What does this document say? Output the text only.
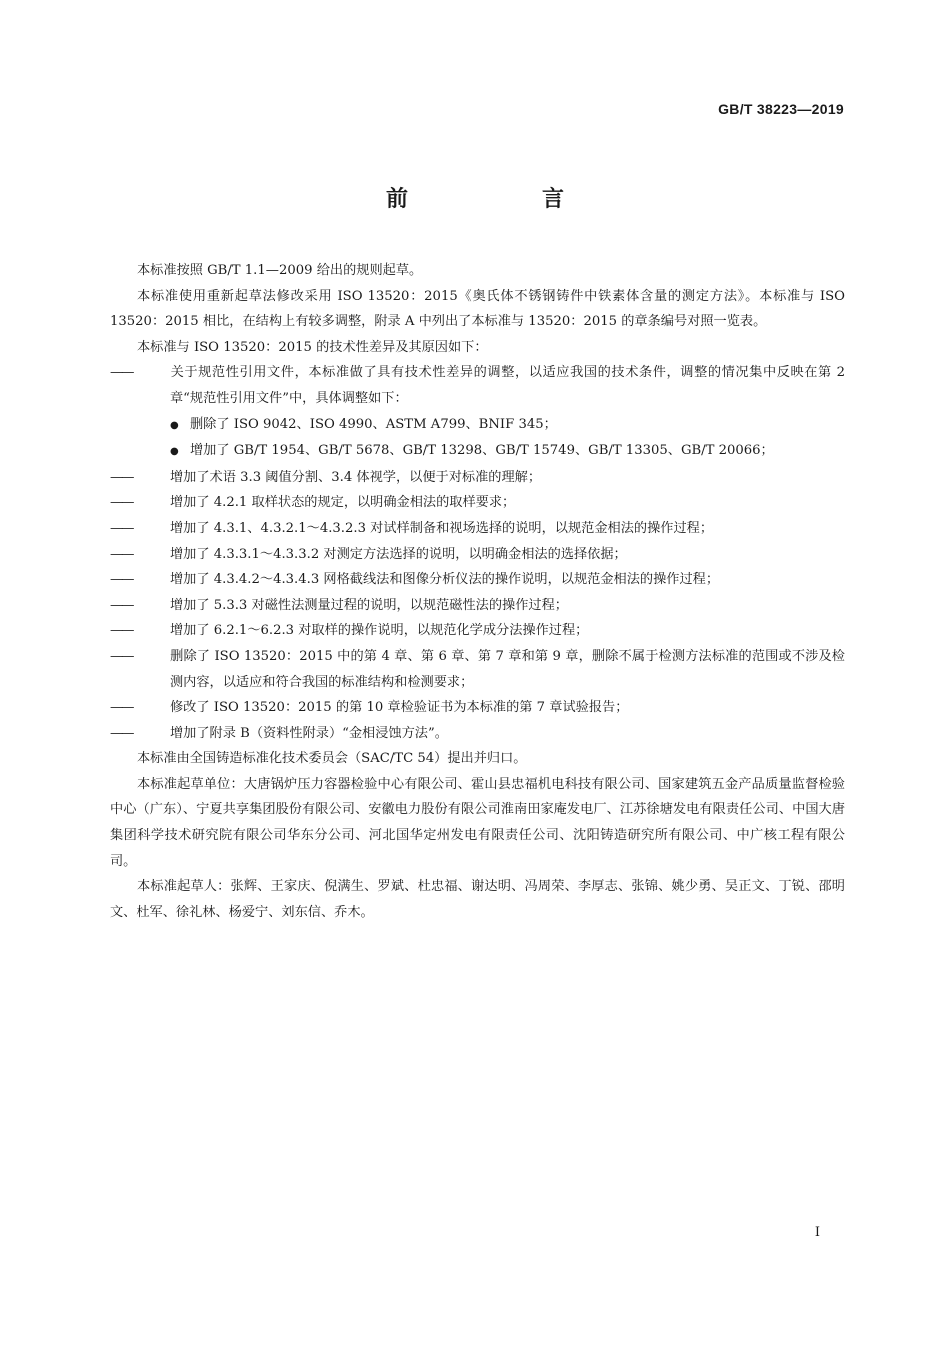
GB/T 38223—2019
前　言

本标准按照 GB/T 1.1—2009 给出的规则起草。

本标准使用重新起草法修改采用 ISO 13520：2015《奥氏体不锈钢铸件中铁素体含量的测定方法》。本标准与 ISO 13520：2015 相比，在结构上有较多调整，附录 A 中列出了本标准与 13520：2015 的章条编号对照一览表。

本标准与 ISO 13520：2015 的技术性差异及其原因如下：

——	关于规范性引用文件，本标准做了具有技术性差异的调整，以适应我国的技术条件，调整的情况集中反映在第 2 章“规范性引用文件”中，具体调整如下：

● 删除了 ISO 9042、ISO 4990、ASTM A799、BNIF 345；

● 增加了 GB/T 1954、GB/T 5678、GB/T 13298、GB/T 15749、GB/T 13305、GB/T 20066；

——	增加了术语 3.3 阈值分割、3.4 体视学，以便于对标准的理解；

——	增加了 4.2.1 取样状态的规定，以明确金相法的取样要求；

——	增加了 4.3.1、4.3.2.1～4.3.2.3 对试样制备和视场选择的说明，以规范金相法的操作过程；

——	增加了 4.3.3.1～4.3.3.2 对测定方法选择的说明，以明确金相法的选择依据；

——	增加了 4.3.4.2～4.3.4.3 网格截线法和图像分析仪法的操作说明，以规范金相法的操作过程；

——	增加了 5.3.3 对磁性法测量过程的说明，以规范磁性法的操作过程；

——	增加了 6.2.1～6.2.3 对取样的操作说明，以规范化学成分法操作过程；

——	删除了 ISO 13520：2015 中的第 4 章、第 6 章、第 7 章和第 9 章，删除不属于检测方法标准的范围或不涉及检测内容，以适应和符合我国的标准结构和检测要求；

——	修改了 ISO 13520：2015 的第 10 章检验证书为本标准的第 7 章试验报告；

——	增加了附录 B（资料性附录）“金相浸蚀方法”。

本标准由全国铸造标准化技术委员会（SAC/TC 54）提出并归口。

本标准起草单位：大唐锅炉压力容器检验中心有限公司、霍山县忠福机电科技有限公司、国家建筑五金产品质量监督检验中心（广东）、宁夏共享集团股份有限公司、安徽电力股份有限公司淮南田家庵发电厂、江苏徐塘发电有限责任公司、中国大唐集团科学技术研究院有限公司华东分公司、河北国华定州发电有限责任公司、沈阳铸造研究所有限公司、中广核工程有限公司。

本标准起草人：张辉、王家庆、倪满生、罗斌、杜忠福、谢达明、冯周荣、李厚志、张锦、姚少勇、吴正文、丁锐、邵明文、杜军、徐礼林、杨爱宁、刘东信、乔木。

I
